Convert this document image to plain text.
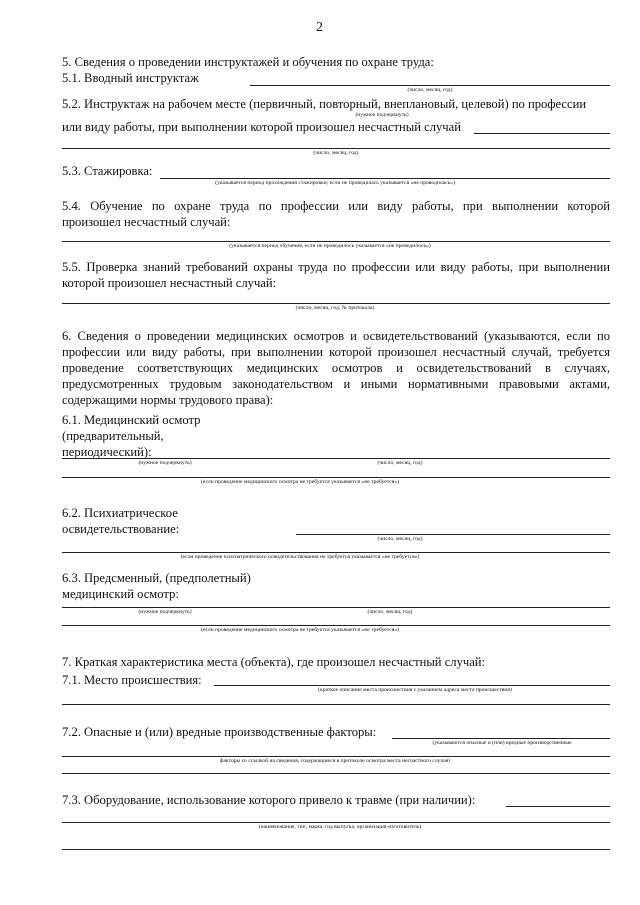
2
5. Сведения о проведении инструктажей и обучения по охране труда:
5.1. Вводный инструктаж
(число, месяц, год)
5.2. Инструктаж на рабочем месте (первичный, повторный, внеплановый, целевой) по профессии
(нужное подчеркнуть)
или виду работы, при выполнении которой произошел несчастный случай
(число, месяц, год)
5.3. Стажировка:
(указывается период прохождения стажировки; если не проводилась указывается «не проводилась»)
5.4. Обучение по охране труда по профессии или виду работы, при выполнении которой
произошел несчастный случай:
(указывается период обучения, если не проводилось указывается «не проводилось»)
5.5. Проверка знаний требований охраны труда по профессии или виду работы, при выполнении
которой произошел несчастный случай:
(число, месяц, год, № протокола)
6. Сведения о проведении медицинских осмотров и освидетельствований (указываются, если по
профессии или виду работы, при выполнении которой произошел несчастный случай, требуется
проведение соответствующих медицинских осмотров и освидетельствований в случаях,
предусмотренных трудовым законодательством и иными нормативными правовыми актами,
содержащими нормы трудового права):
6.1. Медицинский осмотр
(предварительный,
периодический):
(нужное подчеркнуть)	(число, месяц, год)
(если проведение медицинского осмотра не требуется указывается «не требуется»)
6.2. Психиатрическое
освидетельствование:
(число, месяц, год)
(если проведение психиатрического освидетельствования не требуется указывается «не требуется»)
6.3. Предсменный, (предполетный)
медицинский осмотр:
(нужное подчеркнуть)	(число, месяц, год)
(если проведение медицинского осмотра не требуется указывается «не требуется»)
7. Краткая характеристика места (объекта), где произошел несчастный случай:
7.1. Место происшествия:
(краткое описание места происшествия с указанием адреса места происшествия)
7.2. Опасные и (или) вредные производственные факторы:
(указываются опасные и (или) вредные производственные
факторы со ссылкой на сведения, содержащиеся в протоколе осмотра места несчастного случая)
7.3. Оборудование, использование которого привело к травме (при наличии):
(наименование, тип, марка, год выпуска, организация-изготовитель)
